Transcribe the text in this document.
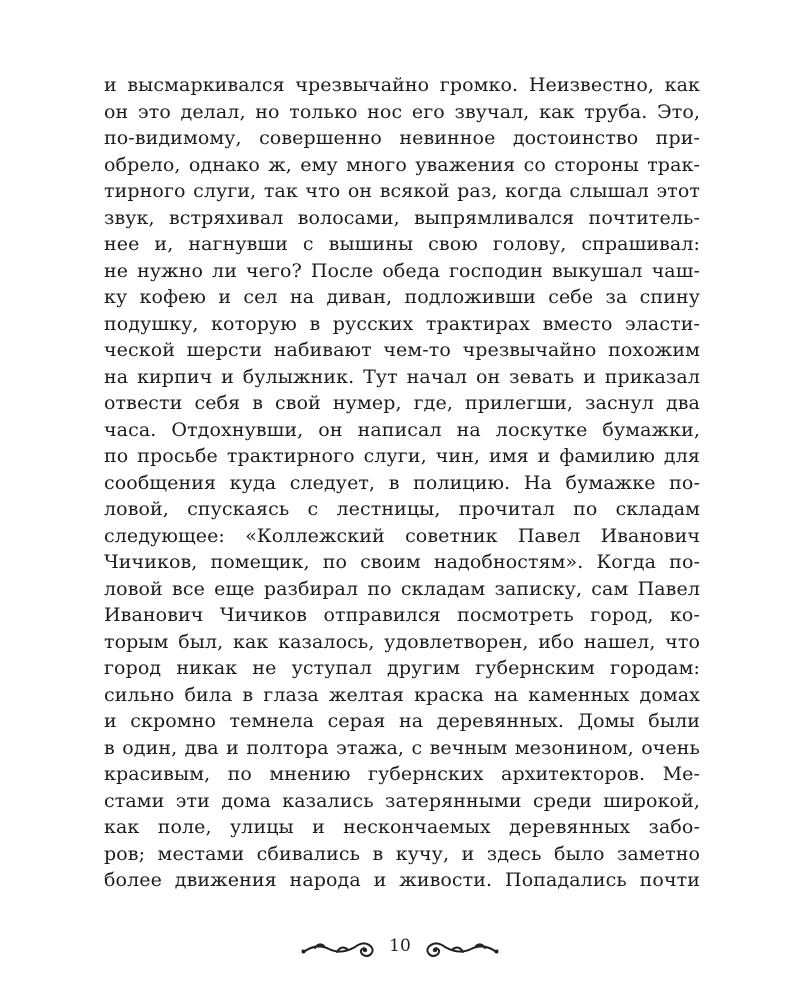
и высмаркивался чрезвычайно громко. Неизвестно, как
он это делал, но только нос его звучал, как труба. Это,
по-видимому, совершенно невинное достоинство при-
обрело, однако ж, ему много уважения со стороны трак-
тирного слуги, так что он всякой раз, когда слышал этот
звук, встряхивал волосами, выпрямливался почтитель-
нее и, нагнувши с вышины свою голову, спрашивал:
не нужно ли чего? После обеда господин выкушал чаш-
ку кофею и сел на диван, подложивши себе за спину
подушку, которую в русских трактирах вместо эласти-
ческой шерсти набивают чем-то чрезвычайно похожим
на кирпич и булыжник. Тут начал он зевать и приказал
отвести себя в свой нумер, где, прилегши, заснул два
часа. Отдохнувши, он написал на лоскутке бумажки,
по просьбе трактирного слуги, чин, имя и фамилию для
сообщения куда следует, в полицию. На бумажке по-
ловой, спускаясь с лестницы, прочитал по складам
следующее: «Коллежский советник Павел Иванович
Чичиков, помещик, по своим надобностям». Когда по-
ловой все еще разбирал по складам записку, сам Павел
Иванович Чичиков отправился посмотреть город, ко-
торым был, как казалось, удовлетворен, ибо нашел, что
город никак не уступал другим губернским городам:
сильно била в глаза желтая краска на каменных домах
и скромно темнела серая на деревянных. Домы были
в один, два и полтора этажа, с вечным мезонином, очень
красивым, по мнению губернских архитекторов. Ме-
стами эти дома казались затерянными среди широкой,
как поле, улицы и нескончаемых деревянных забо-
ров; местами сбивались в кучу, и здесь было заметно
более движения народа и живости. Попадались почти
10
